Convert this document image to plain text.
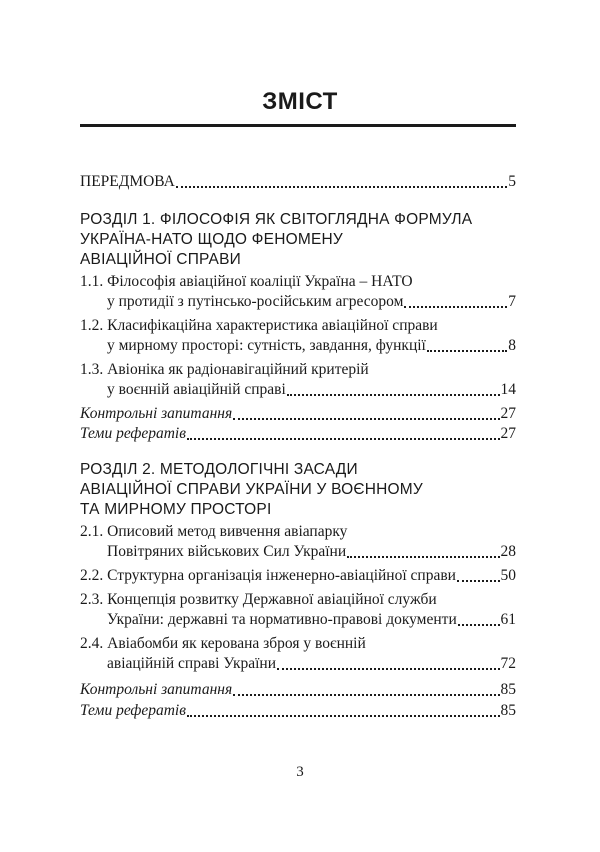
ЗМІСТ
ПЕРЕДМОВА	5
РОЗДІЛ 1. ФІЛОСОФІЯ ЯК СВІТОГЛЯДНА ФОРМУЛА
УКРАЇНА-НАТО ЩОДО ФЕНОМЕНУ
АВІАЦІЙНОЇ СПРАВИ
1.1. Філософія авіаційної коаліції Україна – НАТО
у протидії з путінсько-російським агресором	7
1.2. Класифікаційна характеристика авіаційної справи
у мирному просторі: сутність, завдання, функції	8
1.3. Авіоніка як радіонавігаційний критерій
у воєнній авіаційній справі	14
Контрольні запитання	27
Теми рефератів	27
РОЗДІЛ 2. МЕТОДОЛОГІЧНІ ЗАСАДИ
АВІАЦІЙНОЇ СПРАВИ УКРАЇНИ У ВОЄННОМУ
ТА МИРНОМУ ПРОСТОРІ
2.1. Описовий метод вивчення авіапарку
Повітряних військових Сил України	28
2.2. Структурна організація інженерно-авіаційної справи	50
2.3. Концепція розвитку Державної авіаційної служби
України: державні та нормативно-правові документи	61
2.4. Авіабомби як керована зброя у воєнній
авіаційній справі України	72
Контрольні запитання	85
Теми рефератів	85
3
